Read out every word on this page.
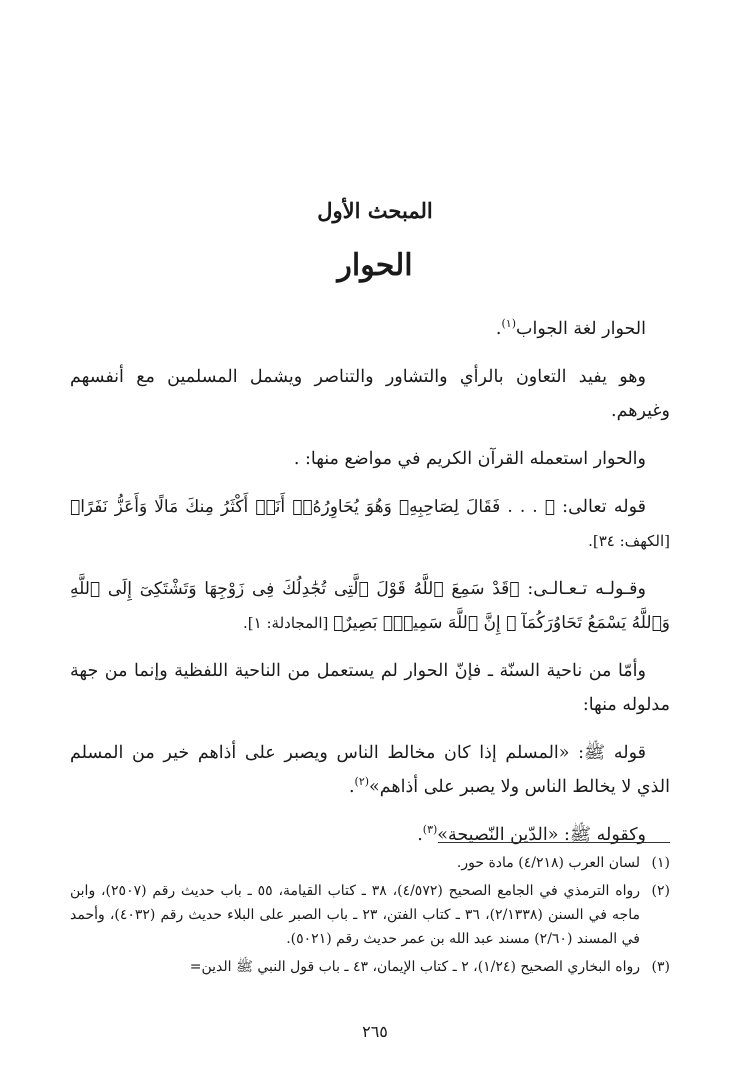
المبحث الأول
الحوار

الحوار لغة الجواب$^{(١)}$.

وهو يفيد التعاون بالرأي والتشاور والتناصر ويشمل المسلمين مع أنفسهم وغيرهم.

والحوار استعمله القرآن الكريم في مواضع منها: .

قوله تعالى: ﴿ . . . فَقَالَ لِصَاحِبِهِۦ وَهُوَ يُحَاوِرُهُۥٓ أَنَا۠ أَكْثَرُ مِنكَ مَالًا وَأَعَزُّ نَفَرًا﴾ [الكهف: ٣٤].

وقـولـه تـعـالـى: ﴿قَدْ سَمِعَ ٱللَّهُ قَوْلَ ٱلَّتِى تُجَٰدِلُكَ فِى زَوْجِهَا وَتَشْتَكِىٓ إِلَى ٱللَّهِ وَٱللَّهُ يَسْمَعُ تَحَاوُرَكُمَآ ۚ إِنَّ ٱللَّهَ سَمِيعٌۢ بَصِيرٌ﴾ [المجادلة: ١].

وأمّا من ناحية السنّة ـ فإنّ الحوار لم يستعمل من الناحية اللفظية وإنما من جهة مدلوله منها:

قوله ﷺ: «المسلم إذا كان مخالط الناس ويصبر على أذاهم خير من المسلم الذي لا يخالط الناس ولا يصبر على أذاهم»$^{(٢)}$.

وكقوله ﷺ: «الدّين النّصيحة»$^{(٣)}$.

(١)
لسان العرب (٤/٢١٨) مادة حور.
(٢)
رواه الترمذي في الجامع الصحيح (٤/٥٧٢)، ٣٨ ـ كتاب القيامة، ٥٥ ـ باب حديث رقم (٢٥٠٧)، وابن ماجه في السنن (٢/١٣٣٨)، ٣٦ ـ كتاب الفتن، ٢٣ ـ باب الصبر على البلاء حديث رقم (٤٠٣٢)، وأحمد في المسند (٢/٦٠) مسند عبد الله بن عمر حديث رقم (٥٠٢١).
(٣)
رواه البخاري الصحيح (١/٢٤)، ٢ ـ كتاب الإيمان، ٤٣ ـ باب قول النبي ﷺ الدين=
٢٦٥
